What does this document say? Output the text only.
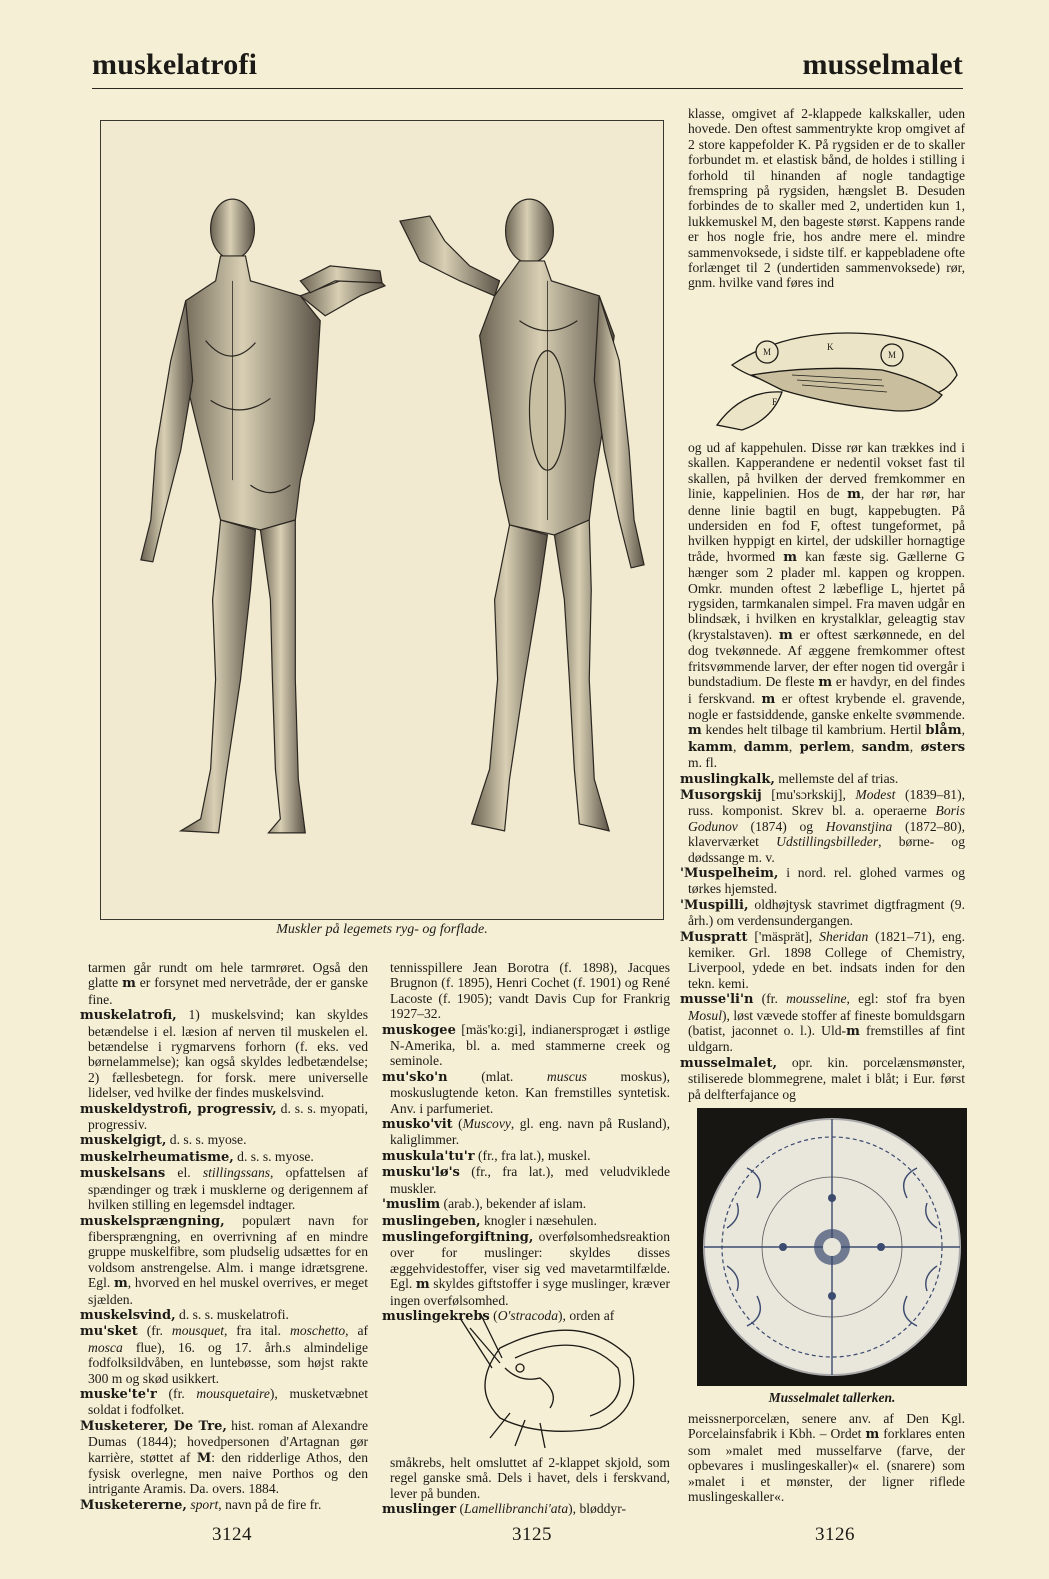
muskelatrofi	musselmalet
Muskler på legemets ryg- og forflade.

tarmen går rundt om hele tarmrøret. Også den glatte m er forsynet med nervetråde, der er ganske fine.

muskelatrofi, 1) muskelsvind; kan skyldes betændelse i el. læsion af nerven til muskelen el. betændelse i rygmarvens forhorn (f. eks. ved børnelammelse); kan også skyldes ledbetændelse; 2) fællesbetegn. for forsk. mere universelle lidelser, ved hvilke der findes muskelsvind.

muskeldystrofi, progressiv, d. s. s. myopati, progressiv.

muskelgigt, d. s. s. myose.

muskelrheumatisme, d. s. s. myose.

muskelsans el. stillingssans, opfattelsen af spændinger og træk i musklerne og derigennem af hvilken stilling en legemsdel indtager.

muskelsprængning, populært navn for fibersprængning, en overrivning af en mindre gruppe muskelfibre, som pludselig udsættes for en voldsom anstrengelse. Alm. i mange idrætsgrene. Egl. m, hvorved en hel muskel overrives, er meget sjælden.

muskelsvind, d. s. s. muskelatrofi.

mu'sket (fr. mousquet, fra ital. moschetto, af mosca flue), 16. og 17. årh.s almindelige fodfolksildvåben, en luntebøsse, som højst rakte 300 m og skød usikkert.

muske'te'r (fr. mousquetaire), musketvæbnet soldat i fodfolket.

Musketerer, De Tre, hist. roman af Alexandre Dumas (1844); hovedpersonen d'Artagnan gør karrière, støttet af M: den ridderlige Athos, den fysisk overlegne, men naive Porthos og den intrigante Aramis. Da. overs. 1884.

Musketererne, sport, navn på de fire fr.

tennisspillere Jean Borotra (f. 1898), Jacques Brugnon (f. 1895), Henri Cochet (f. 1901) og René Lacoste (f. 1905); vandt Davis Cup for Frankrig 1927–32.

muskogee [mäs'ko:gi], indianersprogæt i østlige N-Amerika, bl. a. med stammerne creek og seminole.

mu'sko'n (mlat. muscus moskus), moskuslugtende keton. Kan fremstilles syntetisk. Anv. i parfumeriet.

musko'vit (Muscovy, gl. eng. navn på Rusland), kaliglimmer.

muskula'tu'r (fr., fra lat.), muskel.

musku'lø's (fr., fra lat.), med veludviklede muskler.

'muslim (arab.), bekender af islam.

muslingeben, knogler i næsehulen.

muslingeforgiftning, overfølsomhedsreaktion over for muslinger: skyldes disses æggehvidestoffer, viser sig ved mavetarmtilfælde. Egl. m skyldes giftstoffer i syge muslinger, kræver ingen overfølsomhed.

muslingekrebs (O'stracoda), orden af

småkrebs, helt omsluttet af 2-klappet skjold, som regel ganske små. Dels i havet, dels i ferskvand, lever på bunden.

muslinger (Lamellibranchi'ata), bløddyr-

klasse, omgivet af 2-klappede kalkskaller, uden hovede. Den oftest sammentrykte krop omgivet af 2 store kappefolder K. På rygsiden er de to skaller forbundet m. et elastisk bånd, de holdes i stilling i forhold til hinanden af nogle tandagtige fremspring på rygsiden, hængslet B. Desuden forbindes de to skaller med 2, undertiden kun 1, lukkemuskel M, den bageste størst. Kappens rande er hos nogle frie, hos andre mere el. mindre sammenvoksede, i sidste tilf. er kappebladene ofte forlænget til 2 (undertiden sammenvoksede) rør, gnm. hvilke vand føres ind

M	M
K
F

og ud af kappehulen. Disse rør kan trækkes ind i skallen. Kapperandene er nedentil vokset fast til skallen, på hvilken der derved fremkommer en linie, kappelinien. Hos de m, der har rør, har denne linie bagtil en bugt, kappebugten. På undersiden en fod F, oftest tungeformet, på hvilken hyppigt en kirtel, der udskiller hornagtige tråde, hvormed m kan fæste sig. Gællerne G hænger som 2 plader ml. kappen og kroppen. Omkr. munden oftest 2 læbeflige L, hjertet på rygsiden, tarmkanalen simpel. Fra maven udgår en blindsæk, i hvilken en krystalklar, geleagtig stav (krystalstaven). m er oftest særkønnede, en del dog tvekønnede. Af æggene fremkommer oftest fritsvømmende larver, der efter nogen tid overgår i bundstadium. De fleste m er havdyr, en del findes i ferskvand. m er oftest krybende el. gravende, nogle er fastsiddende, ganske enkelte svømmende. m kendes helt tilbage til kambrium. Hertil blåm, kamm, damm, perlem, sandm, østers m. fl.

muslingkalk, mellemste del af trias.

Musorgskij [mu'sɔrkskij], Modest (1839–81), russ. komponist. Skrev bl. a. operaerne Boris Godunov (1874) og Hovanstjina (1872–80), klaverværket Udstillingsbilleder, børne- og dødssange m. v.

'Muspelheim, i nord. rel. glohed varmes og tørkes hjemsted.

'Muspilli, oldhøjtysk stavrimet digtfragment (9. årh.) om verdensundergangen.

Muspratt ['mäsprät], Sheridan (1821–71), eng. kemiker. Grl. 1898 College of Chemistry, Liverpool, ydede en bet. indsats inden for den tekn. kemi.

musse'li'n (fr. mousseline, egl: stof fra byen Mosul), løst vævede stoffer af fineste bomuldsgarn (batist, jaconnet o. l.). Uld-m fremstilles af fint uldgarn.

musselmalet, opr. kin. porcelænsmønster, stiliserede blommegrene, malet i blåt; i Eur. først på delfterfajance og

Musselmalet tallerken.

meissnerporcelæn, senere anv. af Den Kgl. Porcelainsfabrik i Kbh. – Ordet m forklares enten som »malet med musselfarve (farve, der opbevares i muslingeskaller)« el. (snarere) som »malet i et mønster, der ligner riflede muslingeskaller«.

3124	3125	3126
